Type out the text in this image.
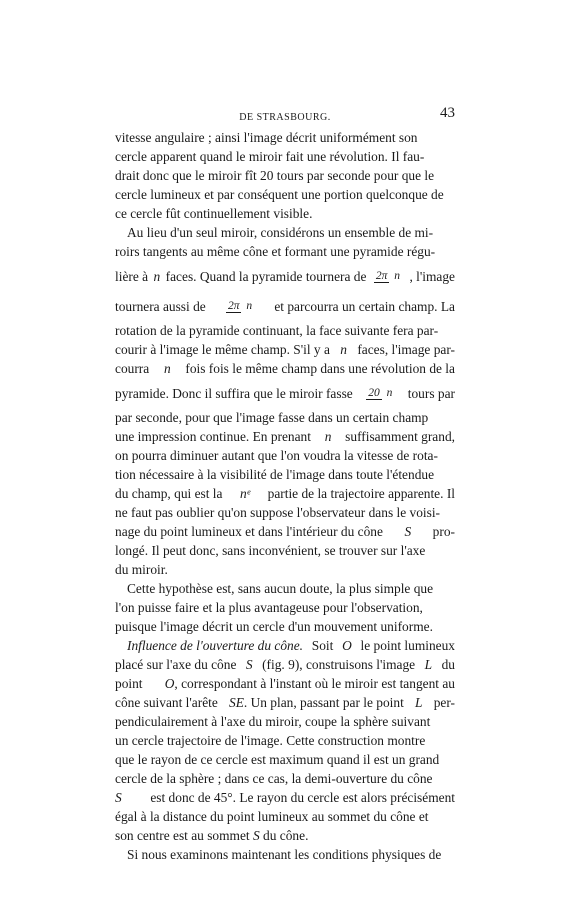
DE STRASBOURG.	43
vitesse angulaire ; ainsi l'image décrit uniformément son
cercle apparent quand le miroir fait une révolution. Il fau-
drait donc que le miroir fît 20 tours par seconde pour que le
cercle lumineux et par conséquent une portion quelconque de
ce cercle fût continuellement visible.
Au lieu d'un seul miroir, considérons un ensemble de mi-
roirs tangents au même cône et formant une pyramide régu-
lière à n faces. Quand la pyramide tournera de 2π n , l'image
tournera aussi de 2π n et parcourra un certain champ. La
rotation de la pyramide continuant, la face suivante fera par-
courir à l'image le même champ. S'il y a n faces, l'image par-
courra n fois fois le même champ dans une révolution de la
pyramide. Donc il suffira que le miroir fasse 20 n tours par
par seconde, pour que l'image fasse dans un certain champ
une impression continue. En prenant n suffisamment grand,
on pourra diminuer autant que l'on voudra la vitesse de rota-
tion nécessaire à la visibilité de l'image dans toute l'étendue
du champ, qui est la nᵉ partie de la trajectoire apparente. Il
ne faut pas oublier qu'on suppose l'observateur dans le voisi-
nage du point lumineux et dans l'intérieur du cône S pro-
longé. Il peut donc, sans inconvénient, se trouver sur l'axe
du miroir.
Cette hypothèse est, sans aucun doute, la plus simple que
l'on puisse faire et la plus avantageuse pour l'observation,
puisque l'image décrit un cercle d'un mouvement uniforme.
Influence de l'ouverture du cône. Soit O le point lumineux
placé sur l'axe du cône S (fig. 9), construisons l'image L du
point O, correspondant à l'instant où le miroir est tangent au
cône suivant l'arête SE. Un plan, passant par le point L per-
pendiculairement à l'axe du miroir, coupe la sphère suivant
un cercle trajectoire de l'image. Cette construction montre
que le rayon de ce cercle est maximum quand il est un grand
cercle de la sphère ; dans ce cas, la demi-ouverture du cône
S est donc de 45°. Le rayon du cercle est alors précisément
égal à la distance du point lumineux au sommet du cône et
son centre est au sommet
S
du cône.
Si nous examinons maintenant les conditions physiques de
